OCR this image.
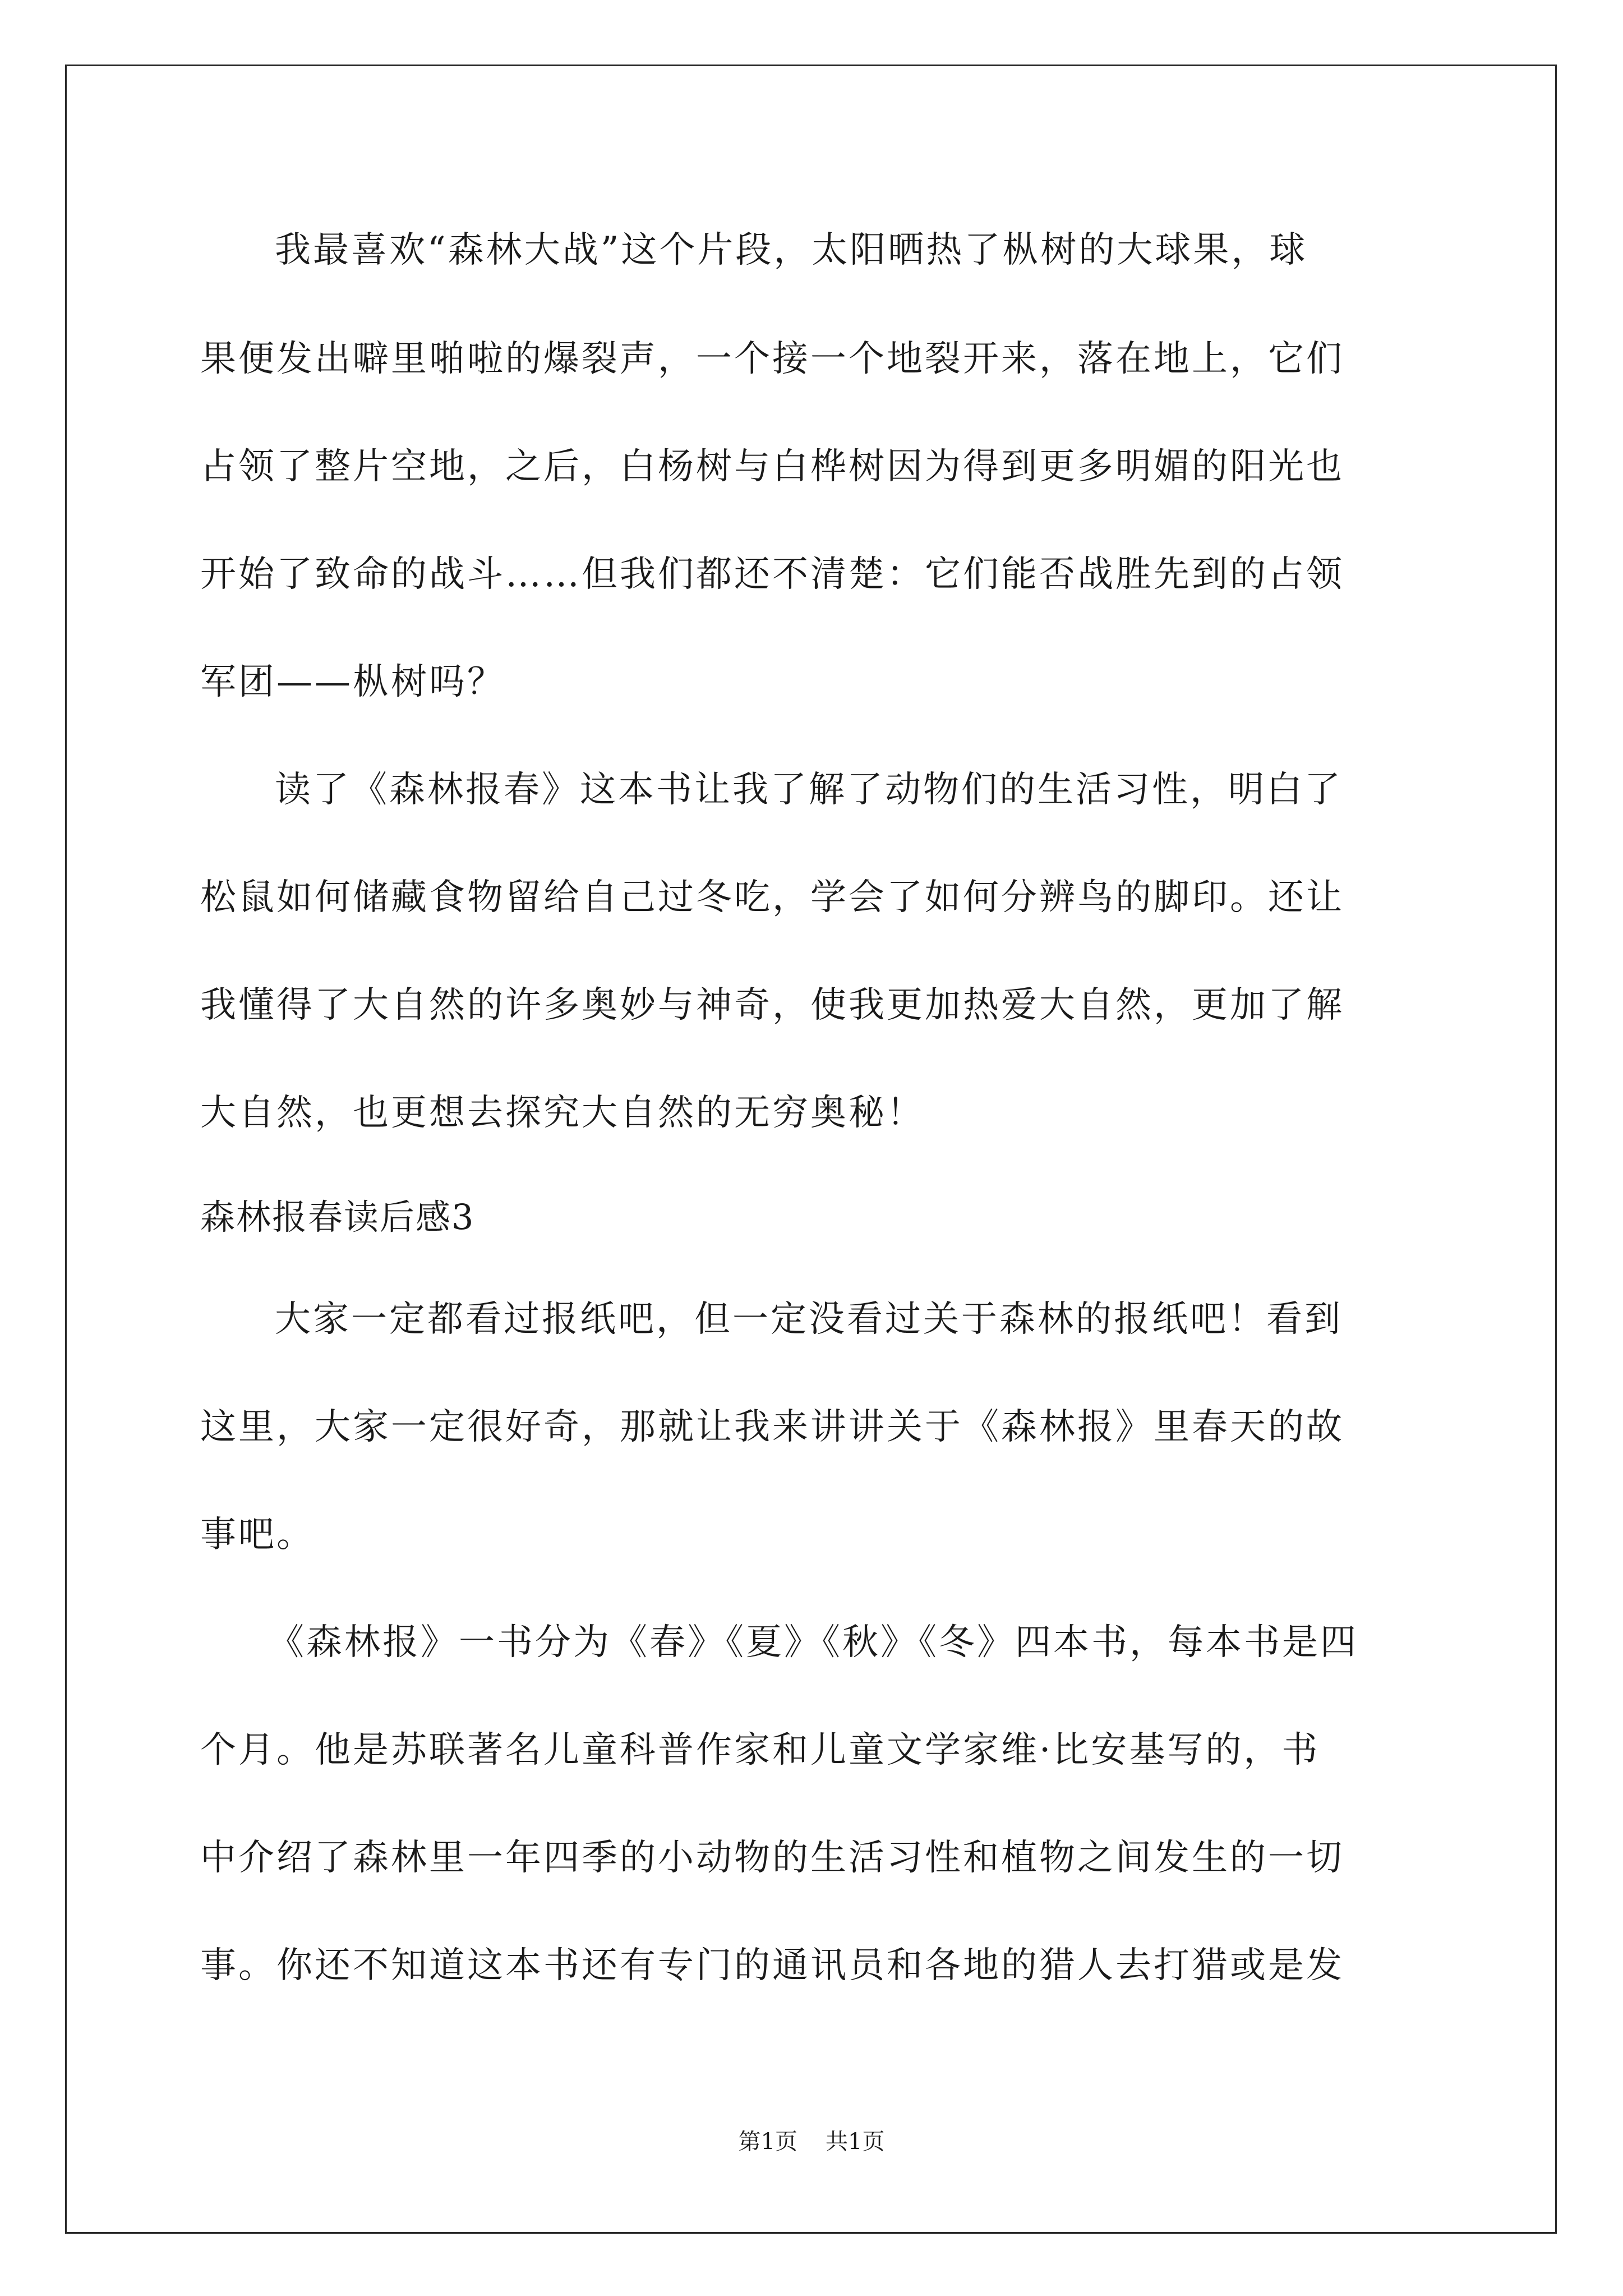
我最喜欢“森林大战”这个片段，太阳晒热了枞树的大球果，球

果便发出噼里啪啦的爆裂声，一个接一个地裂开来，落在地上，它们

占领了整片空地，之后，白杨树与白桦树因为得到更多明媚的阳光也

开始了致命的战斗……但我们都还不清楚：它们能否战胜先到的占领

军团——枞树吗？

读了《森林报春》这本书让我了解了动物们的生活习性，明白了

松鼠如何储藏食物留给自己过冬吃，学会了如何分辨鸟的脚印。还让

我懂得了大自然的许多奥妙与神奇，使我更加热爱大自然，更加了解

大自然，也更想去探究大自然的无穷奥秘！

森林报春读后感3

大家一定都看过报纸吧，但一定没看过关于森林的报纸吧！看到

这里，大家一定很好奇，那就让我来讲讲关于《森林报》里春天的故

事吧。

《森林报》一书分为《春》《夏》《秋》《冬》四本书，每本书是四

个月。他是苏联著名儿童科普作家和儿童文学家维·比安基写的，书

中介绍了森林里一年四季的小动物的生活习性和植物之间发生的一切

事。你还不知道这本书还有专门的通讯员和各地的猎人去打猎或是发

第1页 共1页
